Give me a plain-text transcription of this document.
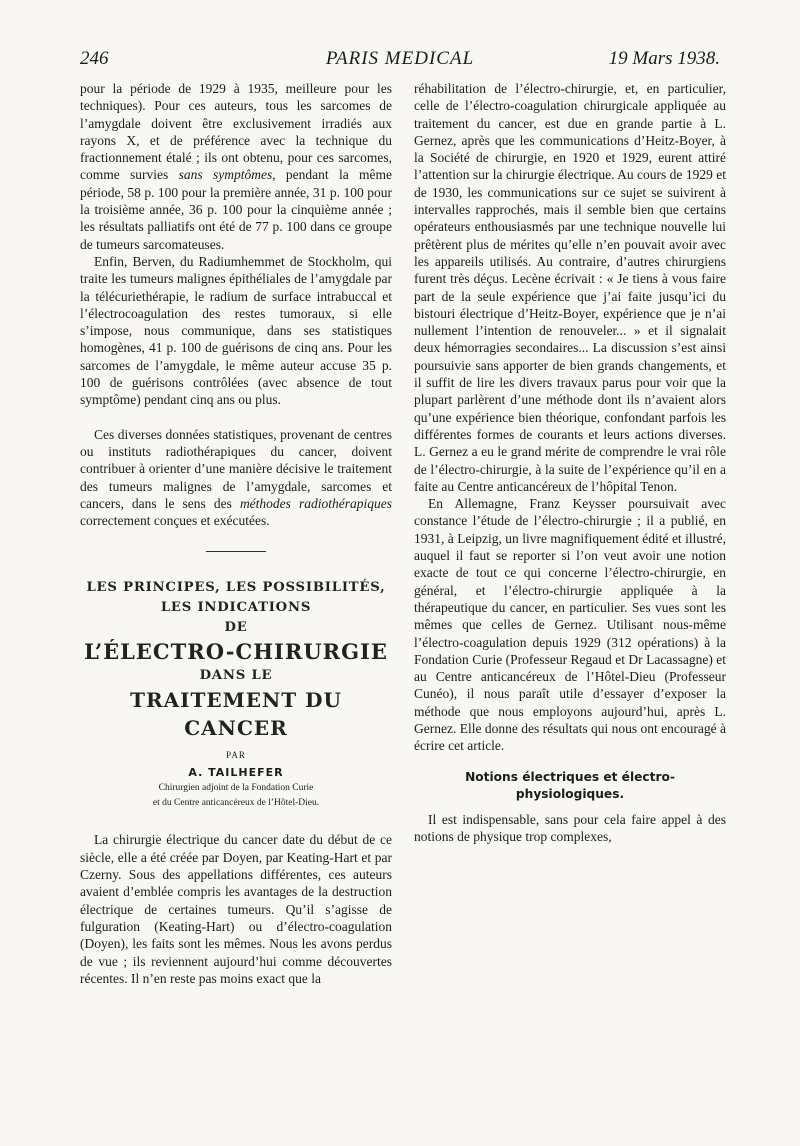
246	PARIS MEDICAL	19 Mars 1938.

pour la période de 1929 à 1935, meilleure pour les techniques). Pour ces auteurs, tous les sarcomes de l’amygdale doivent être exclusivement irradiés aux rayons X, et de préférence avec la technique du fractionnement étalé ; ils ont obtenu, pour ces sarcomes, comme survies sans symptômes, pendant la même période, 58 p. 100 pour la première année, 31 p. 100 pour la troisième année, 36 p. 100 pour la cinquième année ; les résultats palliatifs ont été de 77 p. 100 dans ce groupe de tumeurs sarcomateuses.

Enfin, Berven, du Radiumhemmet de Stockholm, qui traite les tumeurs malignes épithéliales de l’amygdale par la télécuriethérapie, le radium de surface intrabuccal et l’électrocoagulation des restes tumoraux, si elle s’impose, nous communique, dans ses statistiques homogènes, 41 p. 100 de guérisons de cinq ans. Pour les sarcomes de l’amygdale, le même auteur accuse 35 p. 100 de guérisons contrôlées (avec absence de tout symptôme) pendant cinq ans ou plus.

Ces diverses données statistiques, provenant de centres ou instituts radiothérapiques du cancer, doivent contribuer à orienter d’une manière décisive le traitement des tumeurs malignes de l’amygdale, sarcomes et cancers, dans le sens des méthodes radiothérapiques correctement conçues et exécutées.

LES PRINCIPES, LES POSSIBILITÉS,
LES INDICATIONS
DE
L’ÉLECTRO-CHIRURGIE
DANS LE
TRAITEMENT DU CANCER
PAR
A. TAILHEFER
Chirurgien adjoint de la Fondation Curie
et du Centre anticancéreux de l’Hôtel-Dieu.

La chirurgie électrique du cancer date du début de ce siècle, elle a été créée par Doyen, par Keating-Hart et par Czerny. Sous des appellations différentes, ces auteurs avaient d’emblée compris les avantages de la destruction électrique de certaines tumeurs. Qu’il s’agisse de fulguration (Keating-Hart) ou d’électro-coagulation (Doyen), les faits sont les mêmes. Nous les avons perdus de vue ; ils reviennent aujourd’hui comme découvertes récentes. Il n’en reste pas moins exact que la

réhabilitation de l’électro-chirurgie, et, en particulier, celle de l’électro-coagulation chirurgicale appliquée au traitement du cancer, est due en grande partie à L. Gernez, après que les communications d’Heitz-Boyer, à la Société de chirurgie, en 1920 et 1929, eurent attiré l’attention sur la chirurgie électrique. Au cours de 1929 et de 1930, les communications sur ce sujet se suivirent à intervalles rapprochés, mais il semble bien que certains opérateurs enthousiasmés par une technique nouvelle lui prêtèrent plus de mérites qu’elle n’en pouvait avoir avec les appareils utilisés. Au contraire, d’autres chirurgiens furent très déçus. Lecène écrivait : « Je tiens à vous faire part de la seule expérience que j’ai faite jusqu’ici du bistouri électrique d’Heitz-Boyer, expérience que je n’ai nullement l’intention de renouveler... » et il signalait deux hémorragies secondaires... La discussion s’est ainsi poursuivie sans apporter de bien grands changements, et il suffit de lire les divers travaux parus pour voir que la plupart parlèrent d’une méthode dont ils n’avaient alors qu’une expérience bien théorique, confondant parfois les différentes formes de courants et leurs actions diverses. L. Gernez a eu le grand mérite de comprendre le vrai rôle de l’électro-chirurgie, à la suite de l’expérience qu’il en a faite au Centre anticancéreux de l’hôpital Tenon.

En Allemagne, Franz Keysser poursuivait avec constance l’étude de l’électro-chirurgie ; il a publié, en 1931, à Leipzig, un livre magnifiquement édité et illustré, auquel il faut se reporter si l’on veut avoir une notion exacte de tout ce qui concerne l’électro-chirurgie, en général, et l’électro-chirurgie appliquée à la thérapeutique du cancer, en particulier. Ses vues sont les mêmes que celles de Gernez. Utilisant nous-même l’électro-coagulation depuis 1929 (312 opérations) à la Fondation Curie (Professeur Regaud et Dr Lacassagne) et au Centre anticancéreux de l’Hôtel-Dieu (Professeur Cunéo), il nous paraît utile d’essayer d’exposer la méthode que nous employons aujourd’hui, après L. Gernez. Elle donne des résultats qui nous ont encouragé à écrire cet article.

Notions électriques et électro-physiologiques.

Il est indispensable, sans pour cela faire appel à des notions de physique trop complexes,
